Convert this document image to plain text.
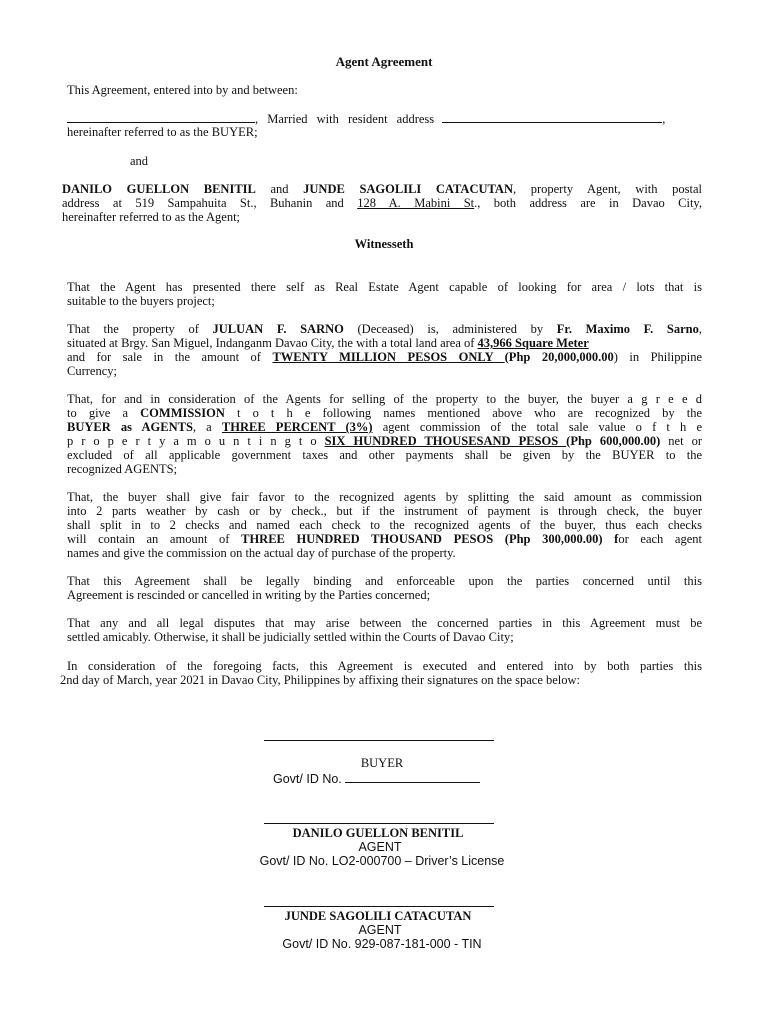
Agent Agreement
This Agreement, entered into by and between:
, Married with resident address	,
hereinafter referred to as the BUYER;
and
DANILO GUELLON BENITIL and JUNDE SAGOLILI CATACUTAN, property Agent, with postal
address at 519 Sampahuita St., Buhanin and 128 A. Mabini St., both address are in Davao City,
hereinafter referred to as the Agent;
Witnesseth
That the Agent has presented there self as Real Estate Agent capable of looking for area / lots that is
suitable to the buyers project;
That the property of JULUAN F. SARNO (Deceased) is, administered by Fr. Maximo F. Sarno,
situated at Brgy. San Miguel, Indanganm Davao City, the with a total land area of 43,966 Square Meter
and for sale in the amount of TWENTY MILLION PESOS ONLY (Php 20,000,000.00) in Philippine
Currency;
That, for and in consideration of the Agents for selling of the property to the buyer, the buyer a g r e e d
to give a COMMISSION t o t h e following names mentioned above who are recognized by the
BUYER as AGENTS, a THREE PERCENT (3%) agent commission of the total sale value o f t h e
p r o p e r t y a m o u n t i n g t o SIX HUNDRED THOUSESAND PESOS (Php 600,000.00) net or
excluded of all applicable government taxes and other payments shall be given by the BUYER to the
recognized AGENTS;
That, the buyer shall give fair favor to the recognized agents by splitting the said amount as commission
into 2 parts weather by cash or by check., but if the instrument of payment is through check, the buyer
shall split in to 2 checks and named each check to the recognized agents of the buyer, thus each checks
will contain an amount of THREE HUNDRED THOUSAND PESOS (Php 300,000.00) for each agent
names and give the commission on the actual day of purchase of the property.
That this Agreement shall be legally binding and enforceable upon the parties concerned until this
Agreement is rescinded or cancelled in writing by the Parties concerned;
That any and all legal disputes that may arise between the concerned parties in this Agreement must be
settled amicably. Otherwise, it shall be judicially settled within the Courts of Davao City;
In consideration of the foregoing facts, this Agreement is executed and entered into by both parties this
2nd day of March, year 2021 in Davao City, Philippines by affixing their signatures on the space below:
BUYER
Govt/ ID No.
DANILO GUELLON BENITIL
AGENT
Govt/ ID No. LO2-000700 – Driver’s License
JUNDE SAGOLILI CATACUTAN
AGENT
Govt/ ID No. 929-087-181-000 - TIN
